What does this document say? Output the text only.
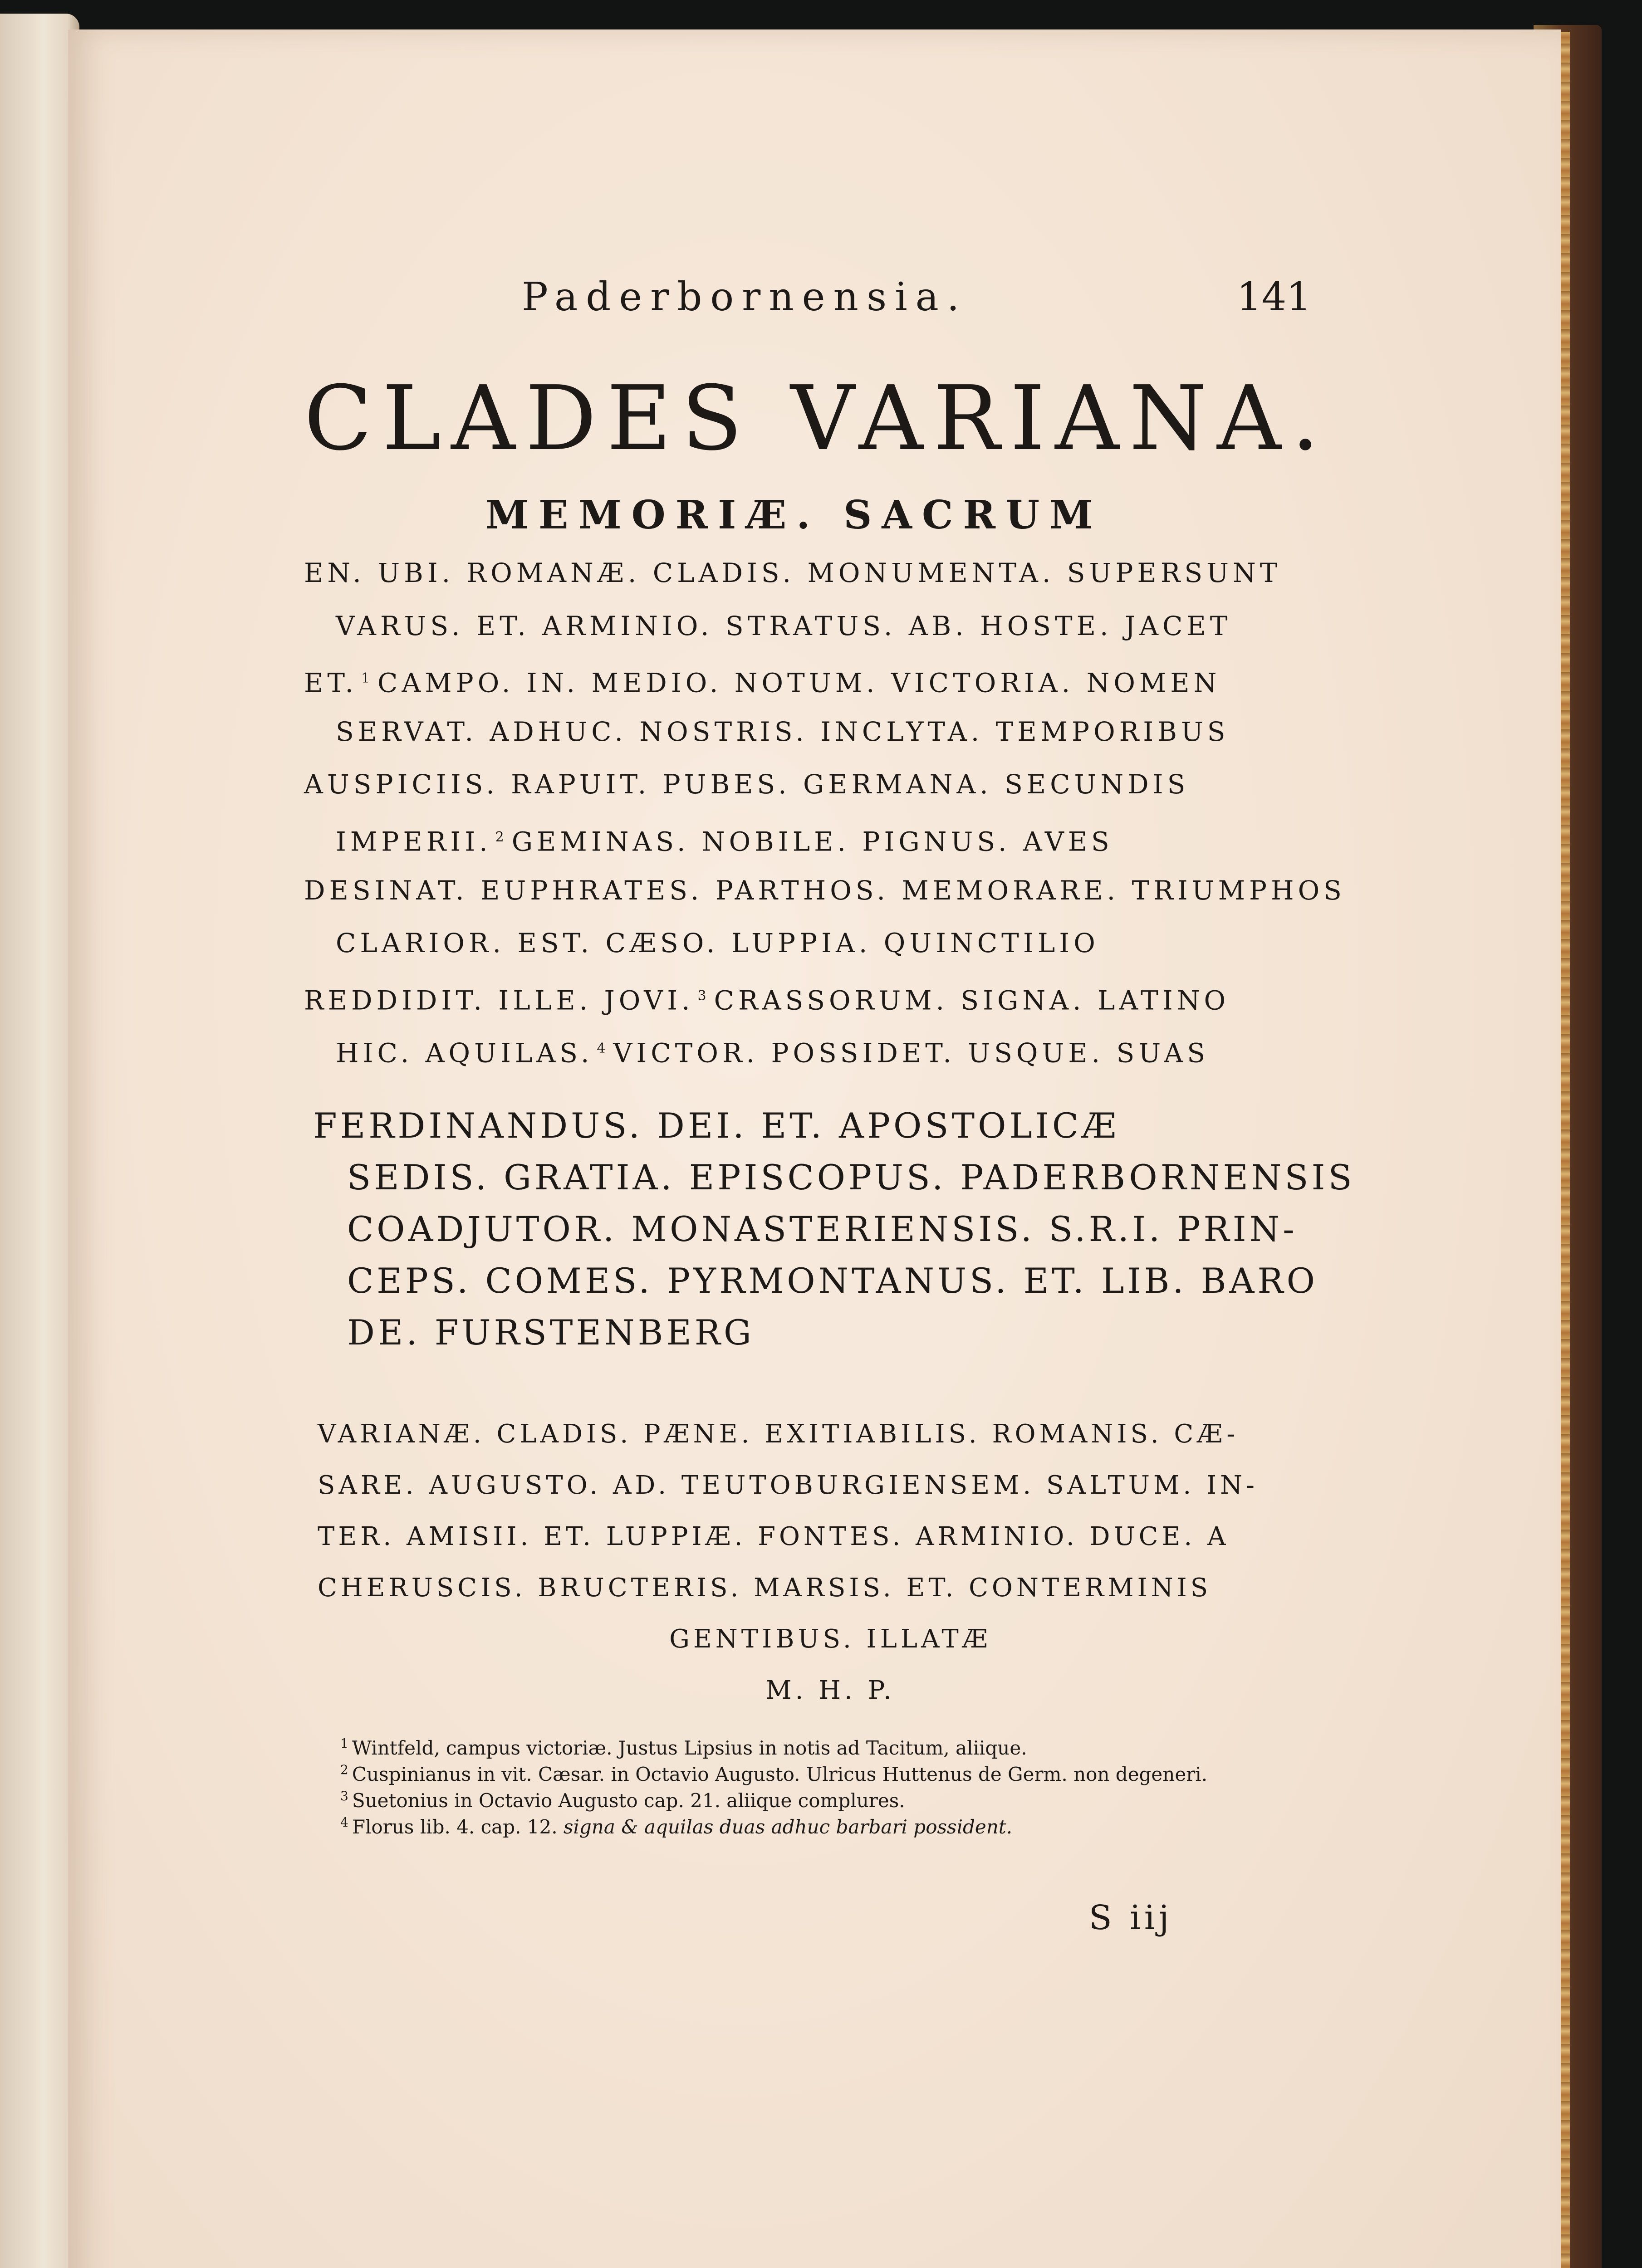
Paderbornensia.	141
CLADES VARIANA.
MEMORIÆ. SACRUM
EN. UBI. ROMANÆ. CLADIS. MONUMENTA. SUPERSUNT
VARUS. ET. ARMINIO. STRATUS. AB. HOSTE. JACET
ET. $^1$ CAMPO. IN. MEDIO. NOTUM. VICTORIA. NOMEN
SERVAT. ADHUC. NOSTRIS. INCLYTA. TEMPORIBUS
AUSPICIIS. RAPUIT. PUBES. GERMANA. SECUNDIS
IMPERII. $^2$ GEMINAS. NOBILE. PIGNUS. AVES
DESINAT. EUPHRATES. PARTHOS. MEMORARE. TRIUMPHOS
CLARIOR. EST. CÆSO. LUPPIA. QUINCTILIO
REDDIDIT. ILLE. JOVI. $^3$ CRASSORUM. SIGNA. LATINO
HIC. AQUILAS. $^4$ VICTOR. POSSIDET. USQUE. SUAS
FERDINANDUS. DEI. ET. APOSTOLICÆ
SEDIS. GRATIA. EPISCOPUS. PADERBORNENSIS
COADJUTOR. MONASTERIENSIS. S.R.I. PRIN-
CEPS. COMES. PYRMONTANUS. ET. LIB. BARO
DE. FURSTENBERG
VARIANÆ. CLADIS. PÆNE. EXITIABILIS. ROMANIS. CÆ-
SARE. AUGUSTO. AD. TEUTOBURGIENSEM. SALTUM. IN-
TER. AMISII. ET. LUPPIÆ. FONTES. ARMINIO. DUCE. A
CHERUSCIS. BRUCTERIS. MARSIS. ET. CONTERMINIS
GENTIBUS. ILLATÆ
M. H. P.
$^1$ Wintfeld, campus victoriæ. Justus Lipsius in notis ad Tacitum, aliique.
$^2$ Cuspinianus in vit. Cæsar. in Octavio Augusto. Ulricus Huttenus de Germ. non degeneri.
$^3$ Suetonius in Octavio Augusto cap. 21. aliique complures.
$^4$ Florus lib. 4. cap. 12. signa & aquilas duas adhuc barbari possident.
S iij
